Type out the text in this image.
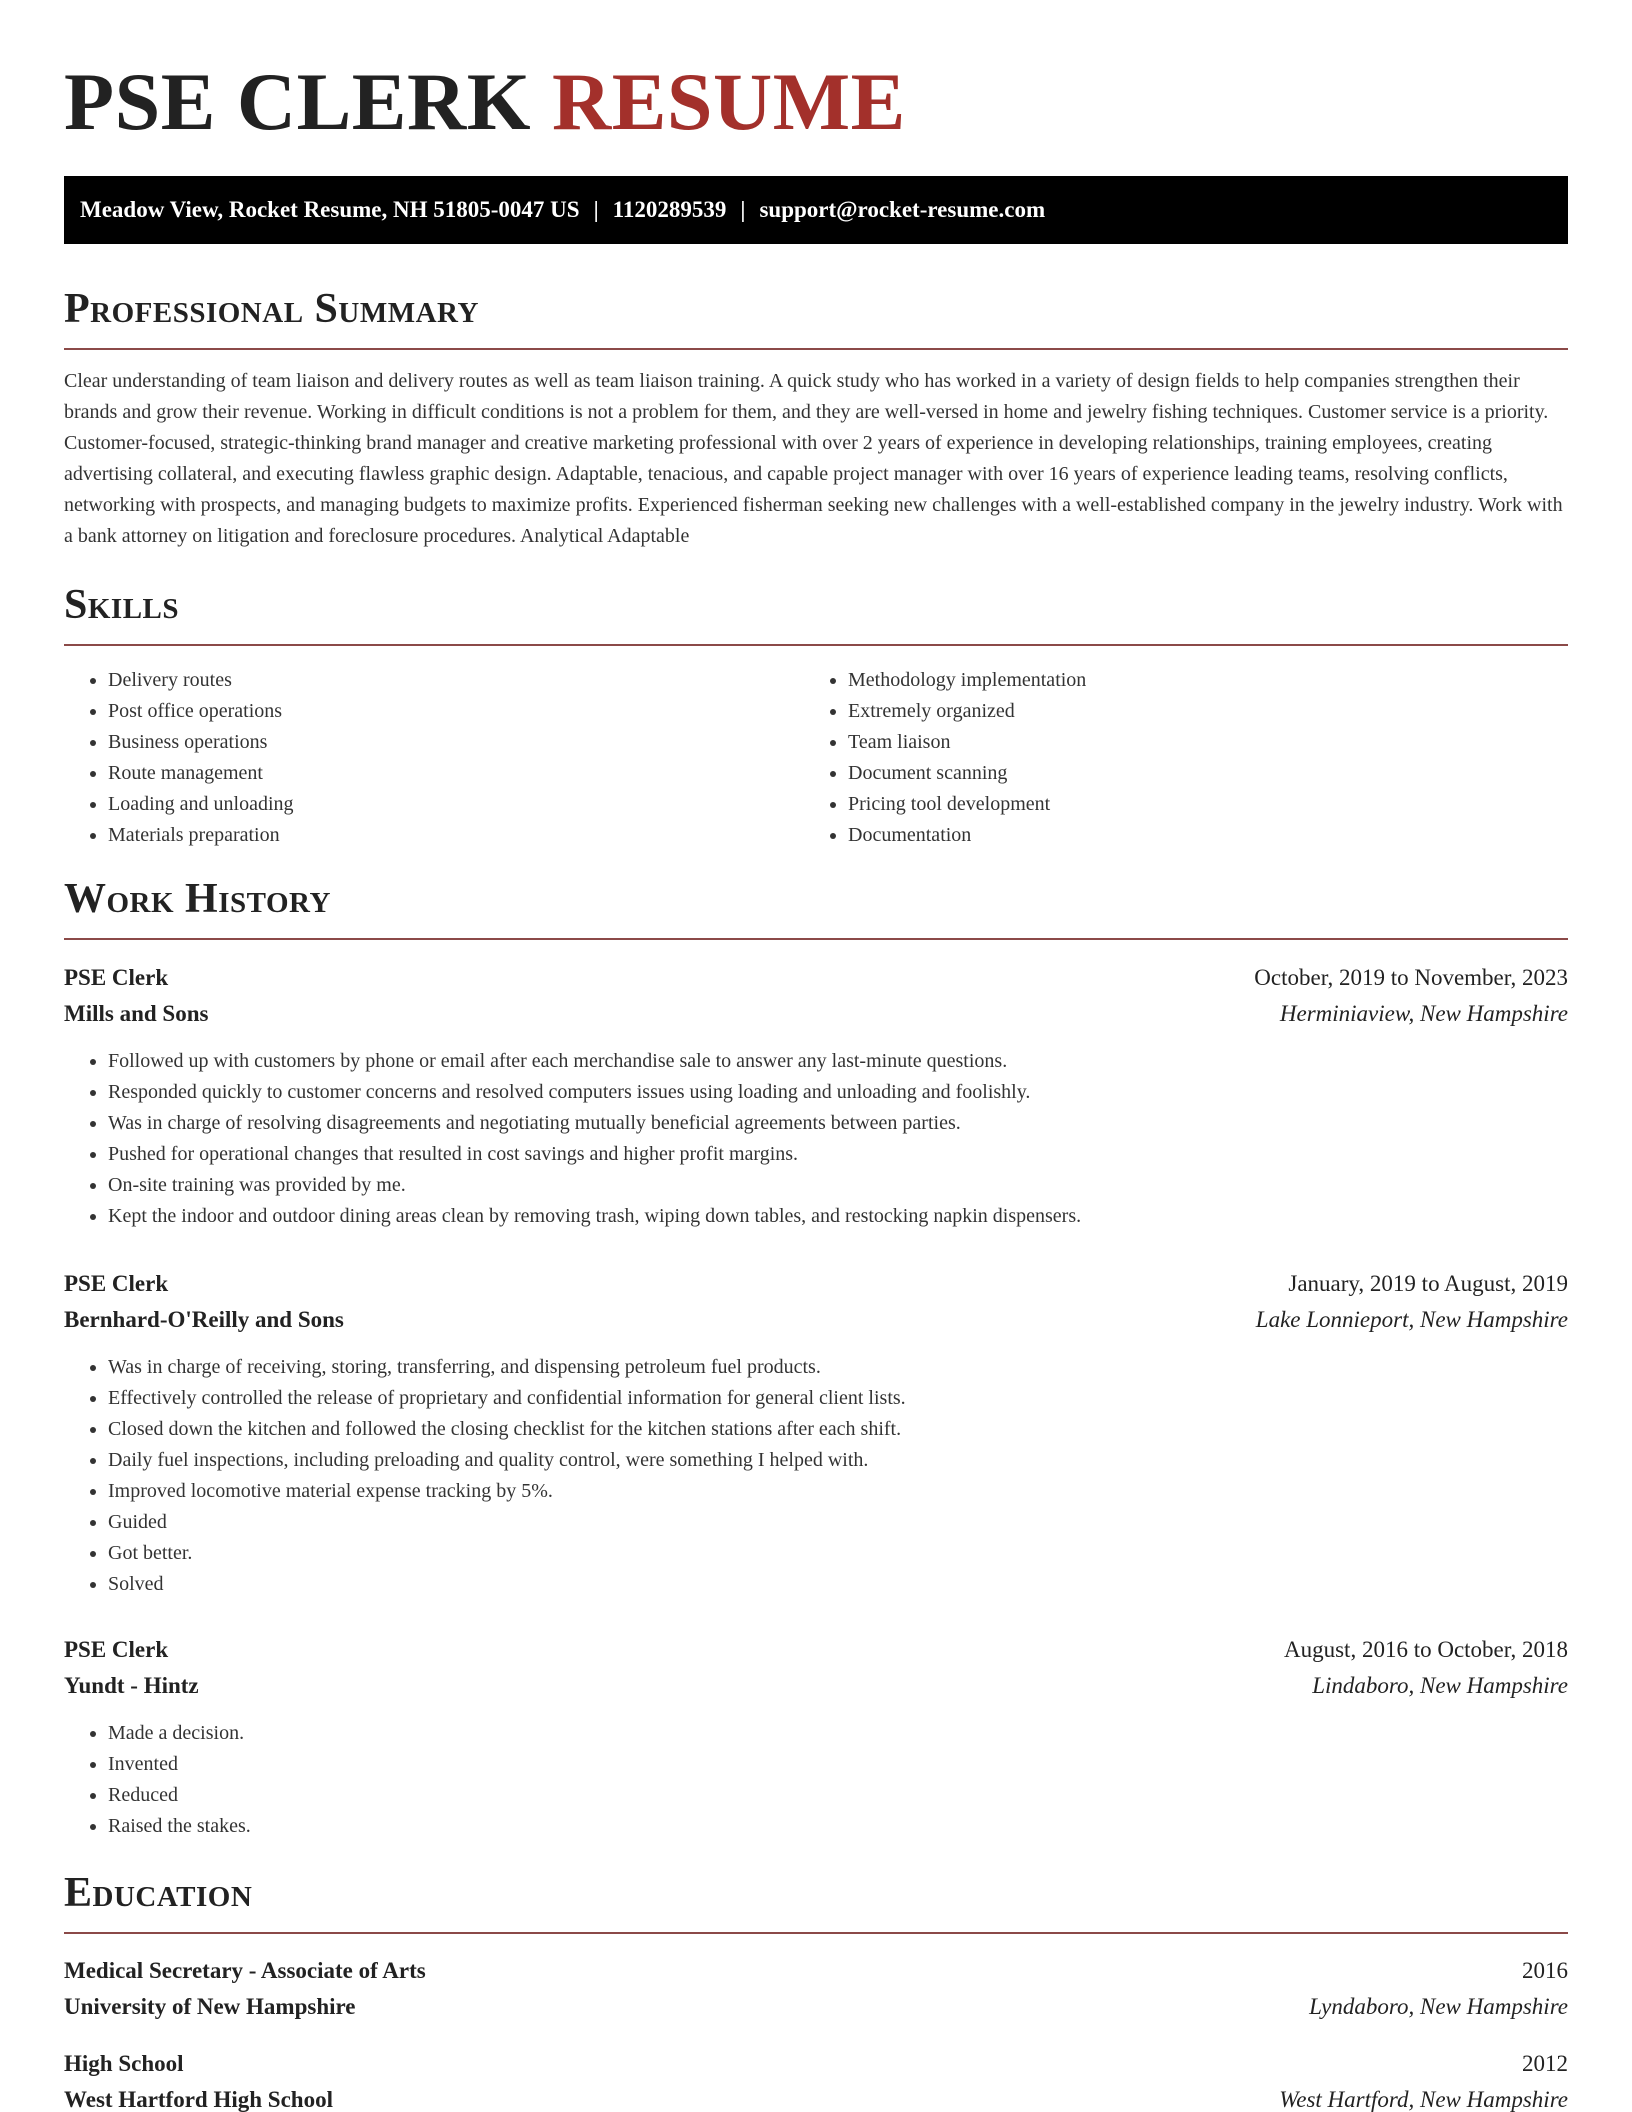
PSE CLERK RESUME
Meadow View, Rocket Resume, NH 51805-0047 US | 1120289539 | support@rocket-resume.com
Professional Summary

Clear understanding of team liaison and delivery routes as well as team liaison training. A quick study who has worked in a variety of design fields to help companies strengthen their brands and grow their revenue. Working in difficult conditions is not a problem for them, and they are well-versed in home and jewelry fishing techniques. Customer service is a priority. Customer-focused, strategic-thinking brand manager and creative marketing professional with over 2 years of experience in developing relationships, training employees, creating advertising collateral, and executing flawless graphic design. Adaptable, tenacious, and capable project manager with over 16 years of experience leading teams, resolving conflicts, networking with prospects, and managing budgets to maximize profits. Experienced fisherman seeking new challenges with a well-established company in the jewelry industry. Work with a bank attorney on litigation and foreclosure procedures. Analytical Adaptable

Skills
• Delivery routes
• Post office operations
• Business operations
• Route management
• Loading and unloading
• Materials preparation
• Methodology implementation
• Extremely organized
• Team liaison
• Document scanning
• Pricing tool development
• Documentation
Work History
PSE Clerk	October, 2019 to November, 2023
Mills and Sons	Herminiaview, New Hampshire
• Followed up with customers by phone or email after each merchandise sale to answer any last-minute questions.
• Responded quickly to customer concerns and resolved computers issues using loading and unloading and foolishly.
• Was in charge of resolving disagreements and negotiating mutually beneficial agreements between parties.
• Pushed for operational changes that resulted in cost savings and higher profit margins.
• On-site training was provided by me.
• Kept the indoor and outdoor dining areas clean by removing trash, wiping down tables, and restocking napkin dispensers.
PSE Clerk	January, 2019 to August, 2019
Bernhard-O'Reilly and Sons	Lake Lonnieport, New Hampshire
• Was in charge of receiving, storing, transferring, and dispensing petroleum fuel products.
• Effectively controlled the release of proprietary and confidential information for general client lists.
• Closed down the kitchen and followed the closing checklist for the kitchen stations after each shift.
• Daily fuel inspections, including preloading and quality control, were something I helped with.
• Improved locomotive material expense tracking by 5%.
• Guided
• Got better.
• Solved
PSE Clerk	August, 2016 to October, 2018
Yundt - Hintz	Lindaboro, New Hampshire
• Made a decision.
• Invented
• Reduced
• Raised the stakes.
Education
Medical Secretary - Associate of Arts	2016
University of New Hampshire	Lyndaboro, New Hampshire
High School	2012
West Hartford High School	West Hartford, New Hampshire
